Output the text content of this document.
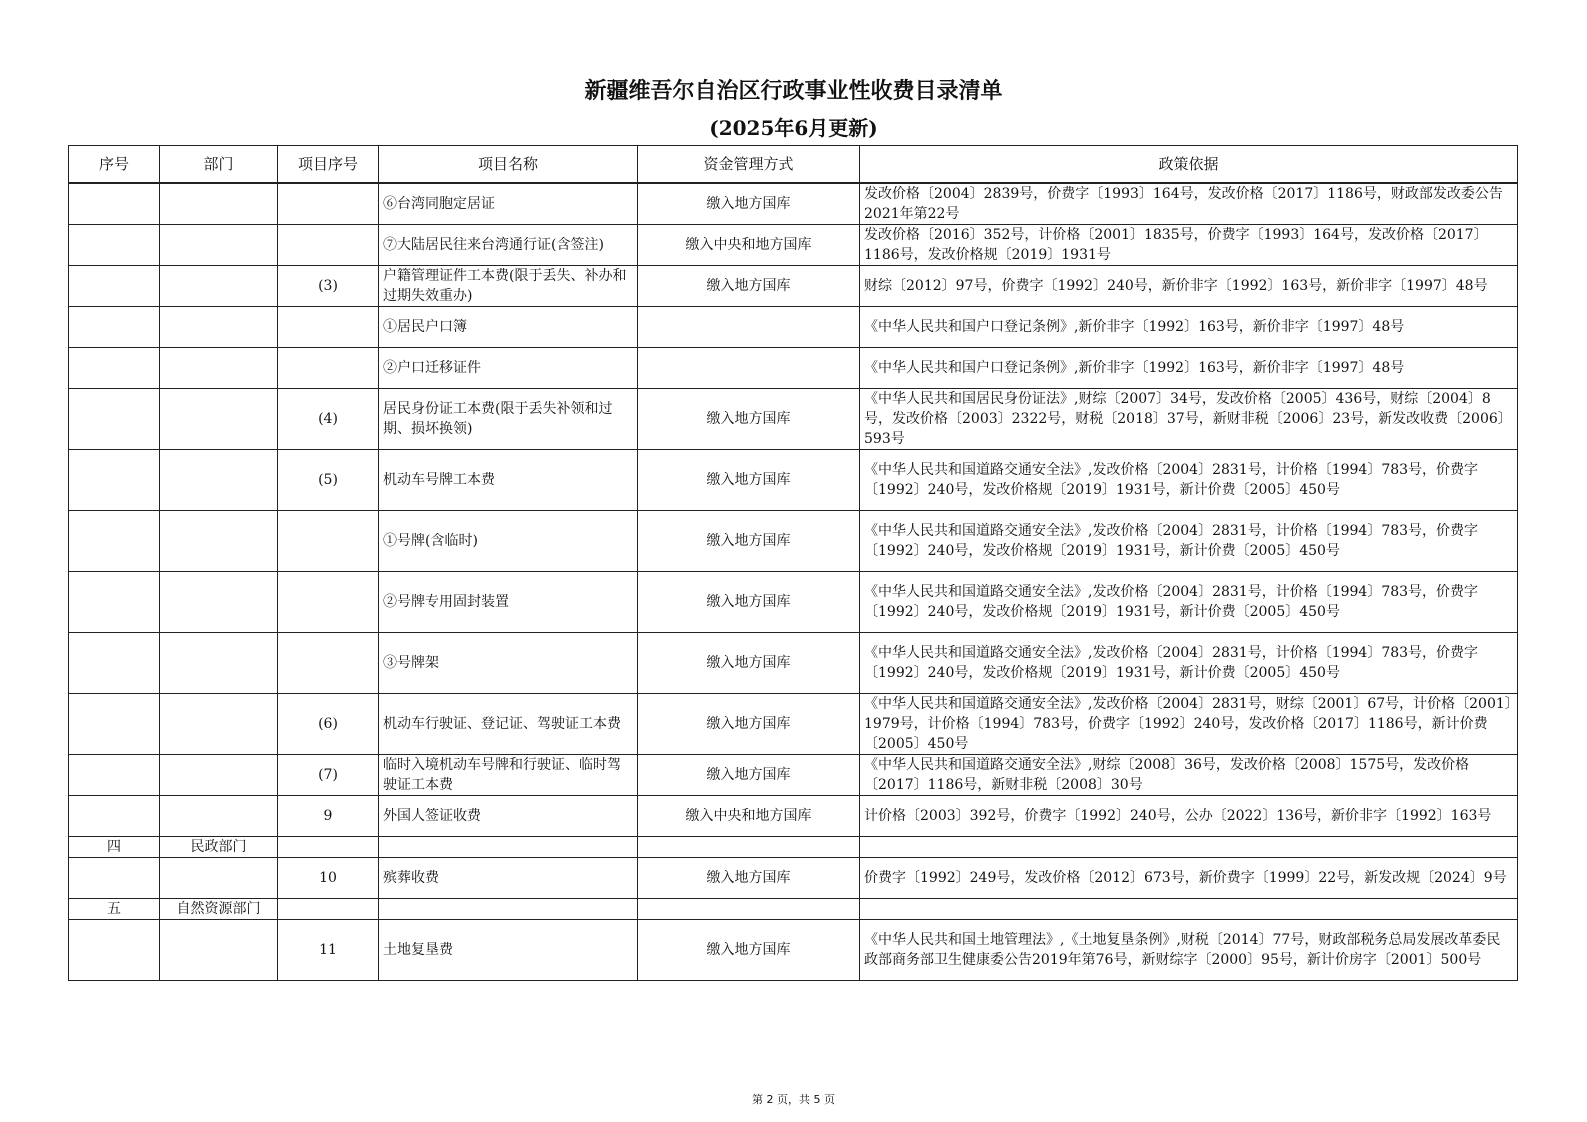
新疆维吾尔自治区行政事业性收费目录清单
(2025年6月更新)
序号	部门	项目序号	项目名称	资金管理方式	政策依据
			⑥台湾同胞定居证	缴入地方国库	发改价格〔2004〕2839号，价费字〔1993〕164号，发改价格〔2017〕1186号，财政部发改委公告2021年第22号
			⑦大陆居民往来台湾通行证(含签注)	缴入中央和地方国库	发改价格〔2016〕352号，计价格〔2001〕1835号，价费字〔1993〕164号，发改价格〔2017〕1186号，发改价格规〔2019〕1931号
		(3)	户籍管理证件工本费(限于丢失、补办和过期失效重办)	缴入地方国库	财综〔2012〕97号，价费字〔1992〕240号，新价非字〔1992〕163号，新价非字〔1997〕48号
			①居民户口簿		《中华人民共和国户口登记条例》,新价非字〔1992〕163号，新价非字〔1997〕48号
			②户口迁移证件		《中华人民共和国户口登记条例》,新价非字〔1992〕163号，新价非字〔1997〕48号
		(4)	居民身份证工本费(限于丢失补领和过期、损坏换领)	缴入地方国库	《中华人民共和国居民身份证法》,财综〔2007〕34号，发改价格〔2005〕436号，财综〔2004〕8号，发改价格〔2003〕2322号，财税〔2018〕37号，新财非税〔2006〕23号，新发改收费〔2006〕593号
		(5)	机动车号牌工本费	缴入地方国库	《中华人民共和国道路交通安全法》,发改价格〔2004〕2831号，计价格〔1994〕783号，价费字〔1992〕240号，发改价格规〔2019〕1931号，新计价费〔2005〕450号
			①号牌(含临时)	缴入地方国库	《中华人民共和国道路交通安全法》,发改价格〔2004〕2831号，计价格〔1994〕783号，价费字〔1992〕240号，发改价格规〔2019〕1931号，新计价费〔2005〕450号
			②号牌专用固封装置	缴入地方国库	《中华人民共和国道路交通安全法》,发改价格〔2004〕2831号，计价格〔1994〕783号，价费字〔1992〕240号，发改价格规〔2019〕1931号，新计价费〔2005〕450号
			③号牌架	缴入地方国库	《中华人民共和国道路交通安全法》,发改价格〔2004〕2831号，计价格〔1994〕783号，价费字〔1992〕240号，发改价格规〔2019〕1931号，新计价费〔2005〕450号
		(6)	机动车行驶证、登记证、驾驶证工本费	缴入地方国库	《中华人民共和国道路交通安全法》,发改价格〔2004〕2831号，财综〔2001〕67号，计价格〔2001〕1979号，计价格〔1994〕783号，价费字〔1992〕240号，发改价格〔2017〕1186号，新计价费〔2005〕450号
		(7)	临时入境机动车号牌和行驶证、临时驾驶证工本费	缴入地方国库	《中华人民共和国道路交通安全法》,财综〔2008〕36号，发改价格〔2008〕1575号，发改价格〔2017〕1186号，新财非税〔2008〕30号
		9	外国人签证收费	缴入中央和地方国库	计价格〔2003〕392号，价费字〔1992〕240号，公办〔2022〕136号，新价非字〔1992〕163号
四	民政部门				
		10	殡葬收费	缴入地方国库	价费字〔1992〕249号，发改价格〔2012〕673号，新价费字〔1999〕22号，新发改规〔2024〕9号
五	自然资源部门				
		11	土地复垦费	缴入地方国库	《中华人民共和国土地管理法》,《土地复垦条例》,财税〔2014〕77号，财政部税务总局发展改革委民政部商务部卫生健康委公告2019年第76号，新财综字〔2000〕95号，新计价房字〔2001〕500号
第 2 页，共 5 页
